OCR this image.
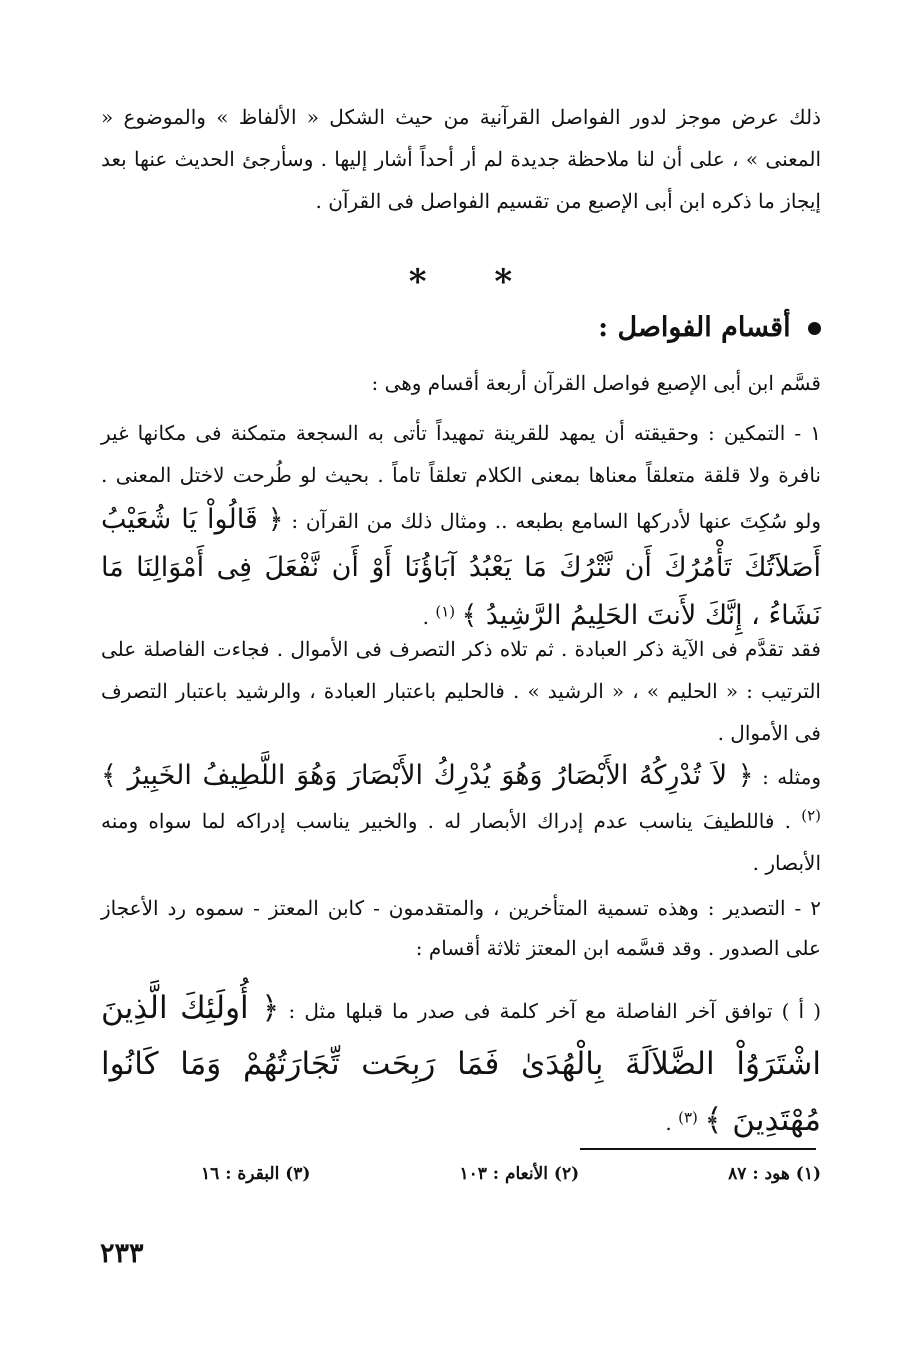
ذلك عرض موجز لدور الفواصل القرآنية من حيث الشكل « الألفاظ » والموضوع « المعنى » ، على أن لنا ملاحظة جديدة لم أر أحداً أشار إليها . وسأرجئ الحديث عنها بعد إيجاز ما ذكره ابن أبى الإصبع من تقسيم الفواصل فى القرآن .

* *
أقسام الفواصل :

قسَّم ابن أبى الإصبع فواصل القرآن أربعة أقسام وهى :

١ - التمكين : وحقيقته أن يمهد للقرينة تمهيداً تأتى به السجعة متمكنة فى مكانها غير نافرة ولا قلقة متعلقاً معناها بمعنى الكلام تعلقاً تاماً . بحيث لو طُرحت لاختل المعنى . ولو سُكِتَ عنها لأدركها السامع بطبعه .. ومثال ذلك من القرآن : ﴿ قَالُواْ يَا شُعَيْبُ أَصَلاَتُكَ تَأْمُرُكَ أَن نَّتْرُكَ مَا يَعْبُدُ آبَاؤُنَا أَوْ أَن نَّفْعَلَ فِى أَمْوَالِنَا مَا نَشَاءُ ، إِنَّكَ لأَنتَ الحَلِيمُ الرَّشِيدُ ﴾ $^{(١)}$ .

فقد تقدَّم فى الآية ذكر العبادة . ثم تلاه ذكر التصرف فى الأموال . فجاءت الفاصلة على الترتيب : « الحليم » ، « الرشيد » . فالحليم باعتبار العبادة ، والرشيد باعتبار التصرف فى الأموال .

ومثله : ﴿ لاَ تُدْرِكُهُ الأَبْصَارُ وَهُوَ يُدْرِكُ الأَبْصَارَ وَهُوَ اللَّطِيفُ الخَبِيرُ ﴾ $^{(٢)}$ . فاللطيفَ يناسب عدم إدراك الأبصار له . والخبير يناسب إدراكه لما سواه ومنه الأبصار .

٢ - التصدير : وهذه تسمية المتأخرين ، والمتقدمون - كابن المعتز - سموه رد الأعجاز على الصدور . وقد قسَّمه ابن المعتز ثلاثة أقسام :

( أ ) توافق آخر الفاصلة مع آخر كلمة فى صدر ما قبلها مثل : ﴿ أُولَئِكَ الَّذِينَ اشْتَرَوُاْ الضَّلاَلَةَ بِالْهُدَىٰ فَمَا رَبِحَت تِّجَارَتُهُمْ وَمَا كَانُوا مُهْتَدِينَ ﴾ $^{(٣)}$ .

(١) هود : ٨٧
(٢) الأنعام : ١٠٣
(٣) البقرة : ١٦
٢٣٣
